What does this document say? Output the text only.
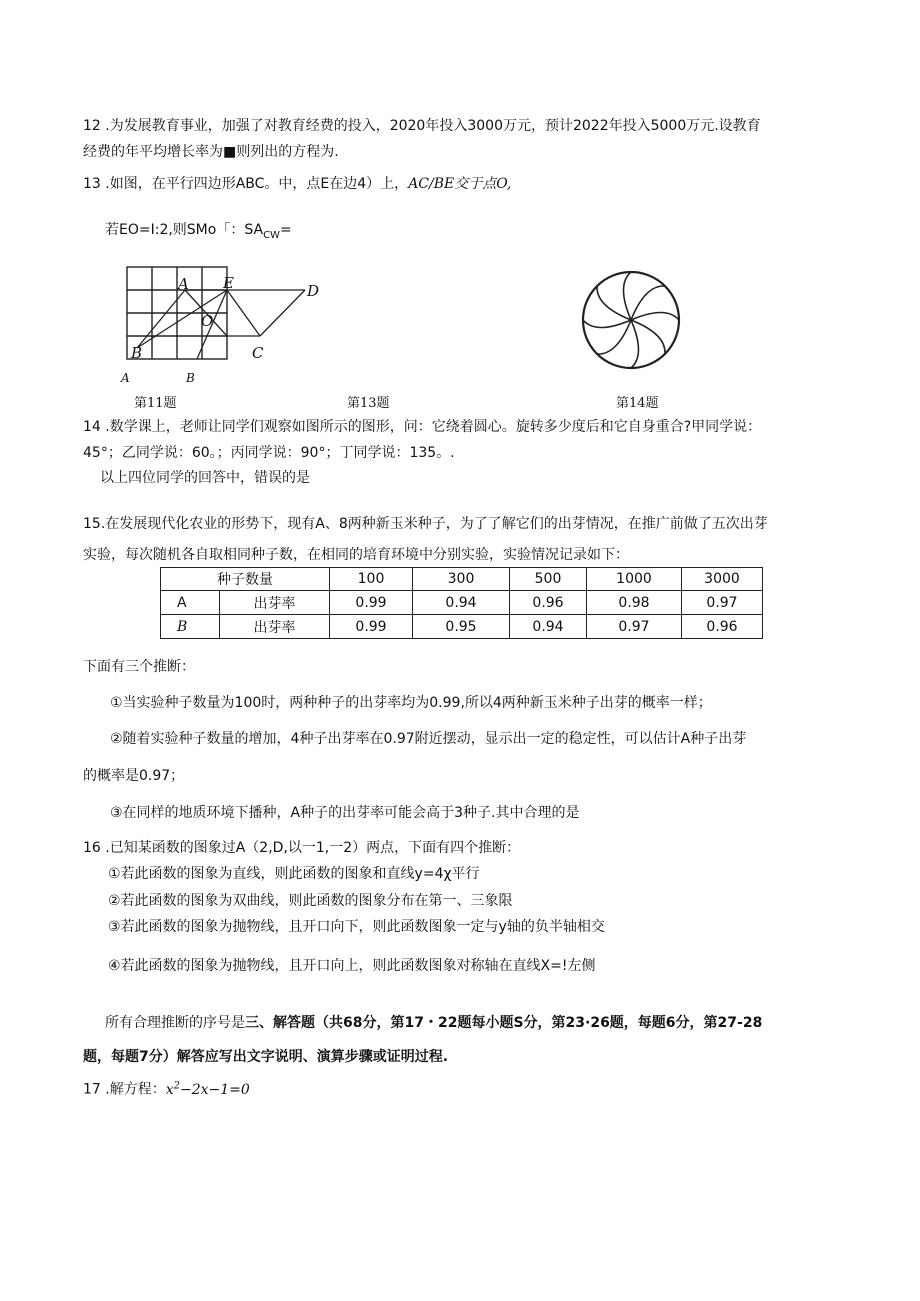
12 .为发展教育事业，加强了对教育经费的投入，2020年投入3000万元，预计2022年投入5000万元.设教育
经费的年平均增长率为■则列出的方程为.
13 .如图，在平行四边形ABC。中，点E在边4）上，AC∕BE交于点O,
若EO=I:2,则SMo「：$SA_{CW}=$
A E
O
B
A	B
D
C
第11题	第13题	第14题
14 .数学课上，老师让同学们观察如图所示的图形，问：它绕着圆心。旋转多少度后和它自身重合?甲同学说：
45°；乙同学说：60。；丙同学说：90°；丁同学说：135。.
以上四位同学的回答中，错误的是
15.在发展现代化农业的形势下，现有A、8两种新玉米种子，为了了解它们的出芽情况，在推广前做了五次出芽
实验，每次随机各自取相同种子数，在相同的培育环境中分别实验，实验情况记录如下：
种子数量		100	300	500	1000	3000
A	出芽率	0.99	0.94	0.96	0.98	0.97
B	出芽率	0.99	0.95	0.94	0.97	0.96
下面有三个推断：
①当实验种子数量为100时，两种种子的出芽率均为0.99,所以4两种新玉米种子出芽的概率一样；
②随着实验种子数量的增加，4种子出芽率在0.97附近摆动，显示出一定的稳定性，可以估计A种子出芽
的概率是0.97；
③在同样的地质环境下播种，A种子的出芽率可能会高于3种子.其中合理的是
16 .已知某函数的图象过A（2,D,以一1,一2）两点，下面有四个推断：
①若此函数的图象为直线，则此函数的图象和直线y=4χ平行
②若此函数的图象为双曲线，则此函数的图象分布在第一、三象限
③若此函数的图象为抛物线，且开口向下，则此函数图象一定与y轴的负半轴相交
④若此函数的图象为抛物线，且开口向上，则此函数图象对称轴在直线X=!左侧
所有合理推断的序号是三、解答题（共68分，第17・22题每小题S分，第23∙26题，每题6分，第27-28
题，每题7分）解答应写出文字说明、演算步骤或证明过程.
17 .解方程：$x^2-2x-1=0$
